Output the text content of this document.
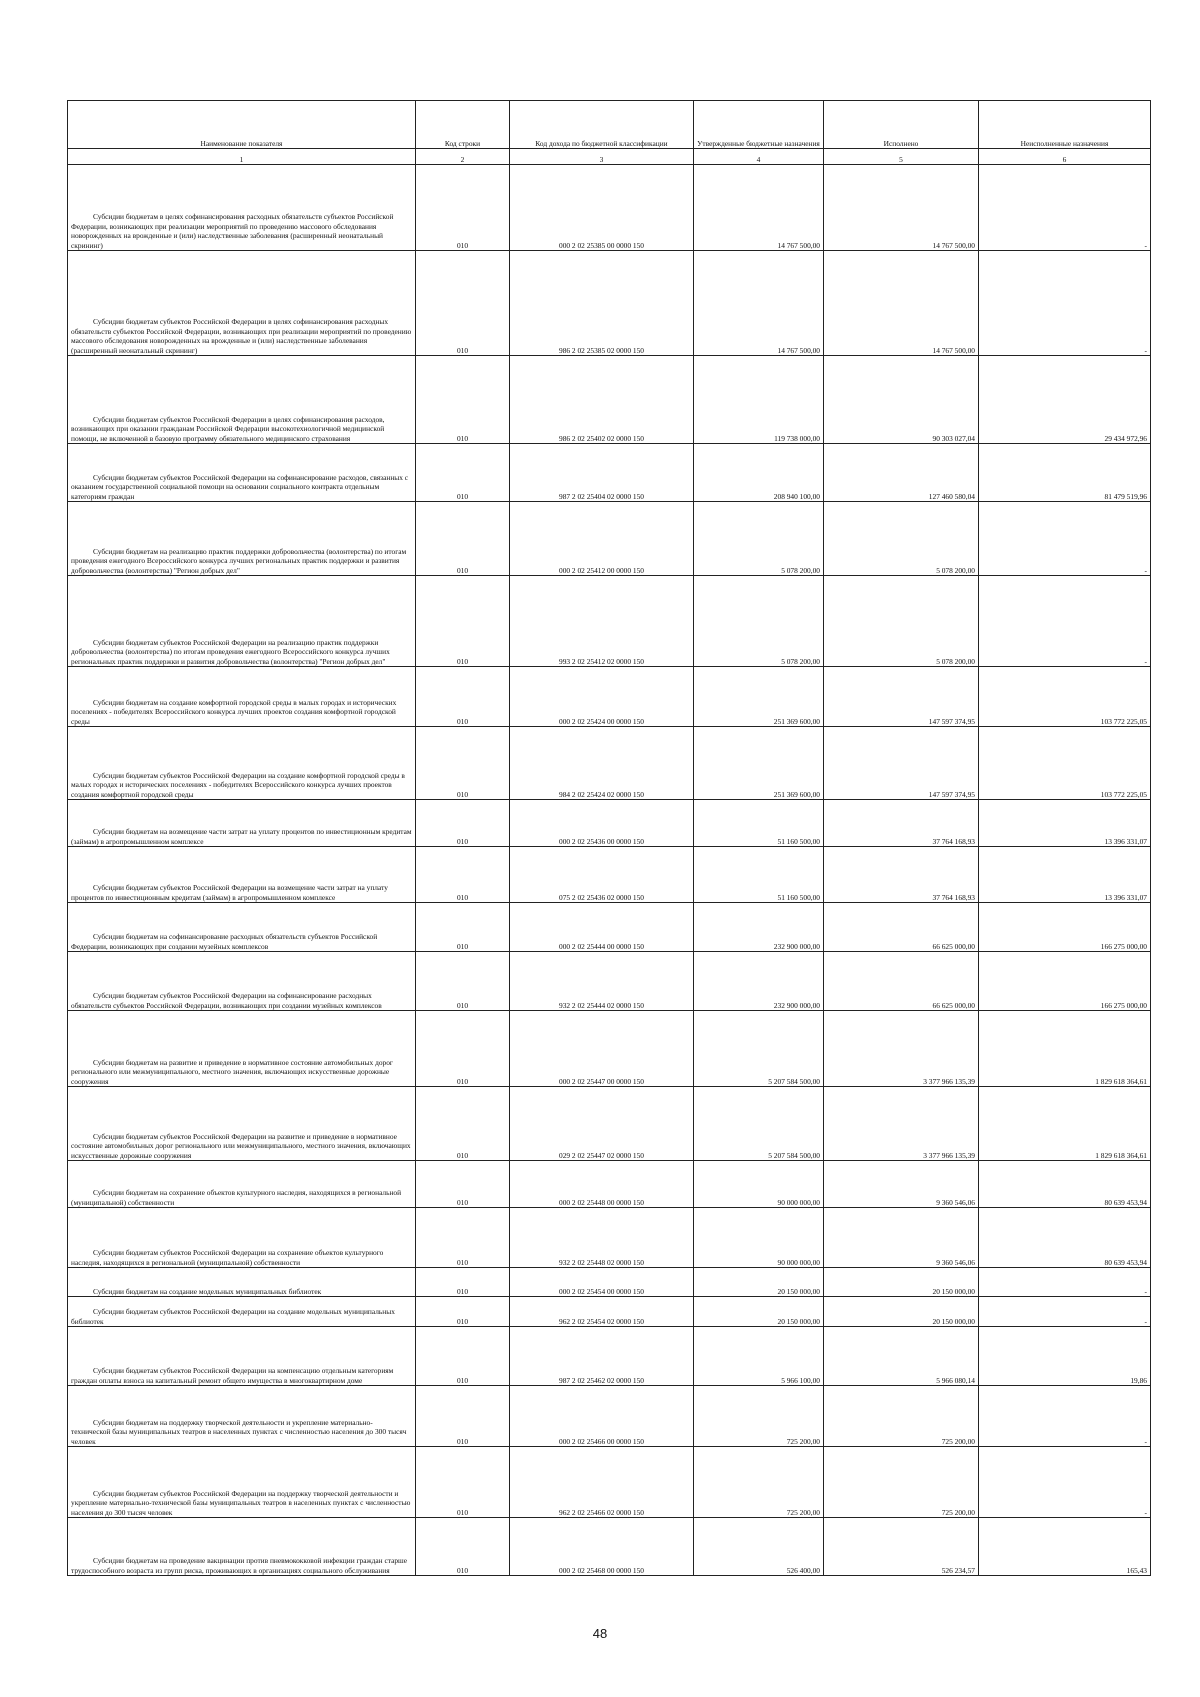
Наименование показателя	Код строки	Код дохода по бюджетной классификации	Утвержденные бюджетные назначения	Исполнено	Неисполненные назначения
1	2	3	4	5	6
Субсидии бюджетам в целях софинансирования расходных обязательств субъектов Российской Федерации, возникающих при реализации мероприятий по проведению массового обследования новорожденных на врожденные и (или) наследственные заболевания (расширенный неонатальный скрининг)	010	000 2 02 25385 00 0000 150	14 767 500,00	14 767 500,00	-
Субсидии бюджетам субъектов Российской Федерации в целях софинансирования расходных обязательств субъектов Российской Федерации, возникающих при реализации мероприятий по проведению массового обследования новорожденных на врожденные и (или) наследственные заболевания (расширенный неонатальный скрининг)	010	986 2 02 25385 02 0000 150	14 767 500,00	14 767 500,00	-
Субсидии бюджетам субъектов Российской Федерации в целях софинансирования расходов, возникающих при оказании гражданам Российской Федерации высокотехнологичной медицинской помощи, не включенной в базовую программу обязательного медицинского страхования	010	986 2 02 25402 02 0000 150	119 738 000,00	90 303 027,04	29 434 972,96
Субсидии бюджетам субъектов Российской Федерации на софинансирование расходов, связанных с оказанием государственной социальной помощи на основании социального контракта отдельным категориям граждан	010	987 2 02 25404 02 0000 150	208 940 100,00	127 460 580,04	81 479 519,96
Субсидии бюджетам на реализацию практик поддержки добровольчества (волонтерства) по итогам проведения ежегодного Всероссийского конкурса лучших региональных практик поддержки и развития добровольчества (волонтерства) "Регион добрых дел"	010	000 2 02 25412 00 0000 150	5 078 200,00	5 078 200,00	-
Субсидии бюджетам субъектов Российской Федерации на реализацию практик поддержки добровольчества (волонтерства) по итогам проведения ежегодного Всероссийского конкурса лучших региональных практик поддержки и развития добровольчества (волонтерства) "Регион добрых дел"	010	993 2 02 25412 02 0000 150	5 078 200,00	5 078 200,00	-
Субсидии бюджетам на создание комфортной городской среды в малых городах и исторических поселениях - победителях Всероссийского конкурса лучших проектов создания комфортной городской среды	010	000 2 02 25424 00 0000 150	251 369 600,00	147 597 374,95	103 772 225,05
Субсидии бюджетам субъектов Российской Федерации на создание комфортной городской среды в малых городах и исторических поселениях - победителях Всероссийского конкурса лучших проектов создания комфортной городской среды	010	984 2 02 25424 02 0000 150	251 369 600,00	147 597 374,95	103 772 225,05
Субсидии бюджетам на возмещение части затрат на уплату процентов по инвестиционным кредитам (займам) в агропромышленном комплексе	010	000 2 02 25436 00 0000 150	51 160 500,00	37 764 168,93	13 396 331,07
Субсидии бюджетам субъектов Российской Федерации на возмещение части затрат на уплату процентов по инвестиционным кредитам (займам) в агропромышленном комплексе	010	075 2 02 25436 02 0000 150	51 160 500,00	37 764 168,93	13 396 331,07
Субсидии бюджетам на софинансирование расходных обязательств субъектов Российской Федерации, возникающих при создании музейных комплексов	010	000 2 02 25444 00 0000 150	232 900 000,00	66 625 000,00	166 275 000,00
Субсидии бюджетам субъектов Российской Федерации на софинансирование расходных обязательств субъектов Российской Федерации, возникающих при создании музейных комплексов	010	932 2 02 25444 02 0000 150	232 900 000,00	66 625 000,00	166 275 000,00
Субсидии бюджетам на развитие и приведение в нормативное состояние автомобильных дорог регионального или межмуниципального, местного значения, включающих искусственные дорожные сооружения	010	000 2 02 25447 00 0000 150	5 207 584 500,00	3 377 966 135,39	1 829 618 364,61
Субсидии бюджетам субъектов Российской Федерации на развитие и приведение в нормативное состояние автомобильных дорог регионального или межмуниципального, местного значения, включающих искусственные дорожные сооружения	010	029 2 02 25447 02 0000 150	5 207 584 500,00	3 377 966 135,39	1 829 618 364,61
Субсидии бюджетам на сохранение объектов культурного наследия, находящихся в региональной (муниципальной) собственности	010	000 2 02 25448 00 0000 150	90 000 000,00	9 360 546,06	80 639 453,94
Субсидии бюджетам субъектов Российской Федерации на сохранение объектов культурного наследия, находящихся в региональной (муниципальной) собственности	010	932 2 02 25448 02 0000 150	90 000 000,00	9 360 546,06	80 639 453,94
Субсидии бюджетам на создание модельных муниципальных библиотек	010	000 2 02 25454 00 0000 150	20 150 000,00	20 150 000,00	-
Субсидии бюджетам субъектов Российской Федерации на создание модельных муниципальных библиотек	010	962 2 02 25454 02 0000 150	20 150 000,00	20 150 000,00	-
Субсидии бюджетам субъектов Российской Федерации на компенсацию отдельным категориям граждан оплаты взноса на капитальный ремонт общего имущества в многоквартирном доме	010	987 2 02 25462 02 0000 150	5 966 100,00	5 966 080,14	19,86
Субсидии бюджетам на поддержку творческой деятельности и укрепление материально-технической базы муниципальных театров в населенных пунктах с численностью населения до 300 тысяч человек	010	000 2 02 25466 00 0000 150	725 200,00	725 200,00	-
Субсидии бюджетам субъектов Российской Федерации на поддержку творческой деятельности и укрепление материально-технической базы муниципальных театров в населенных пунктах с численностью населения до 300 тысяч человек	010	962 2 02 25466 02 0000 150	725 200,00	725 200,00	-
Субсидии бюджетам на проведение вакцинации против пневмококковой инфекции граждан старше трудоспособного возраста из групп риска, проживающих в организациях социального обслуживания	010	000 2 02 25468 00 0000 150	526 400,00	526 234,57	165,43
48
